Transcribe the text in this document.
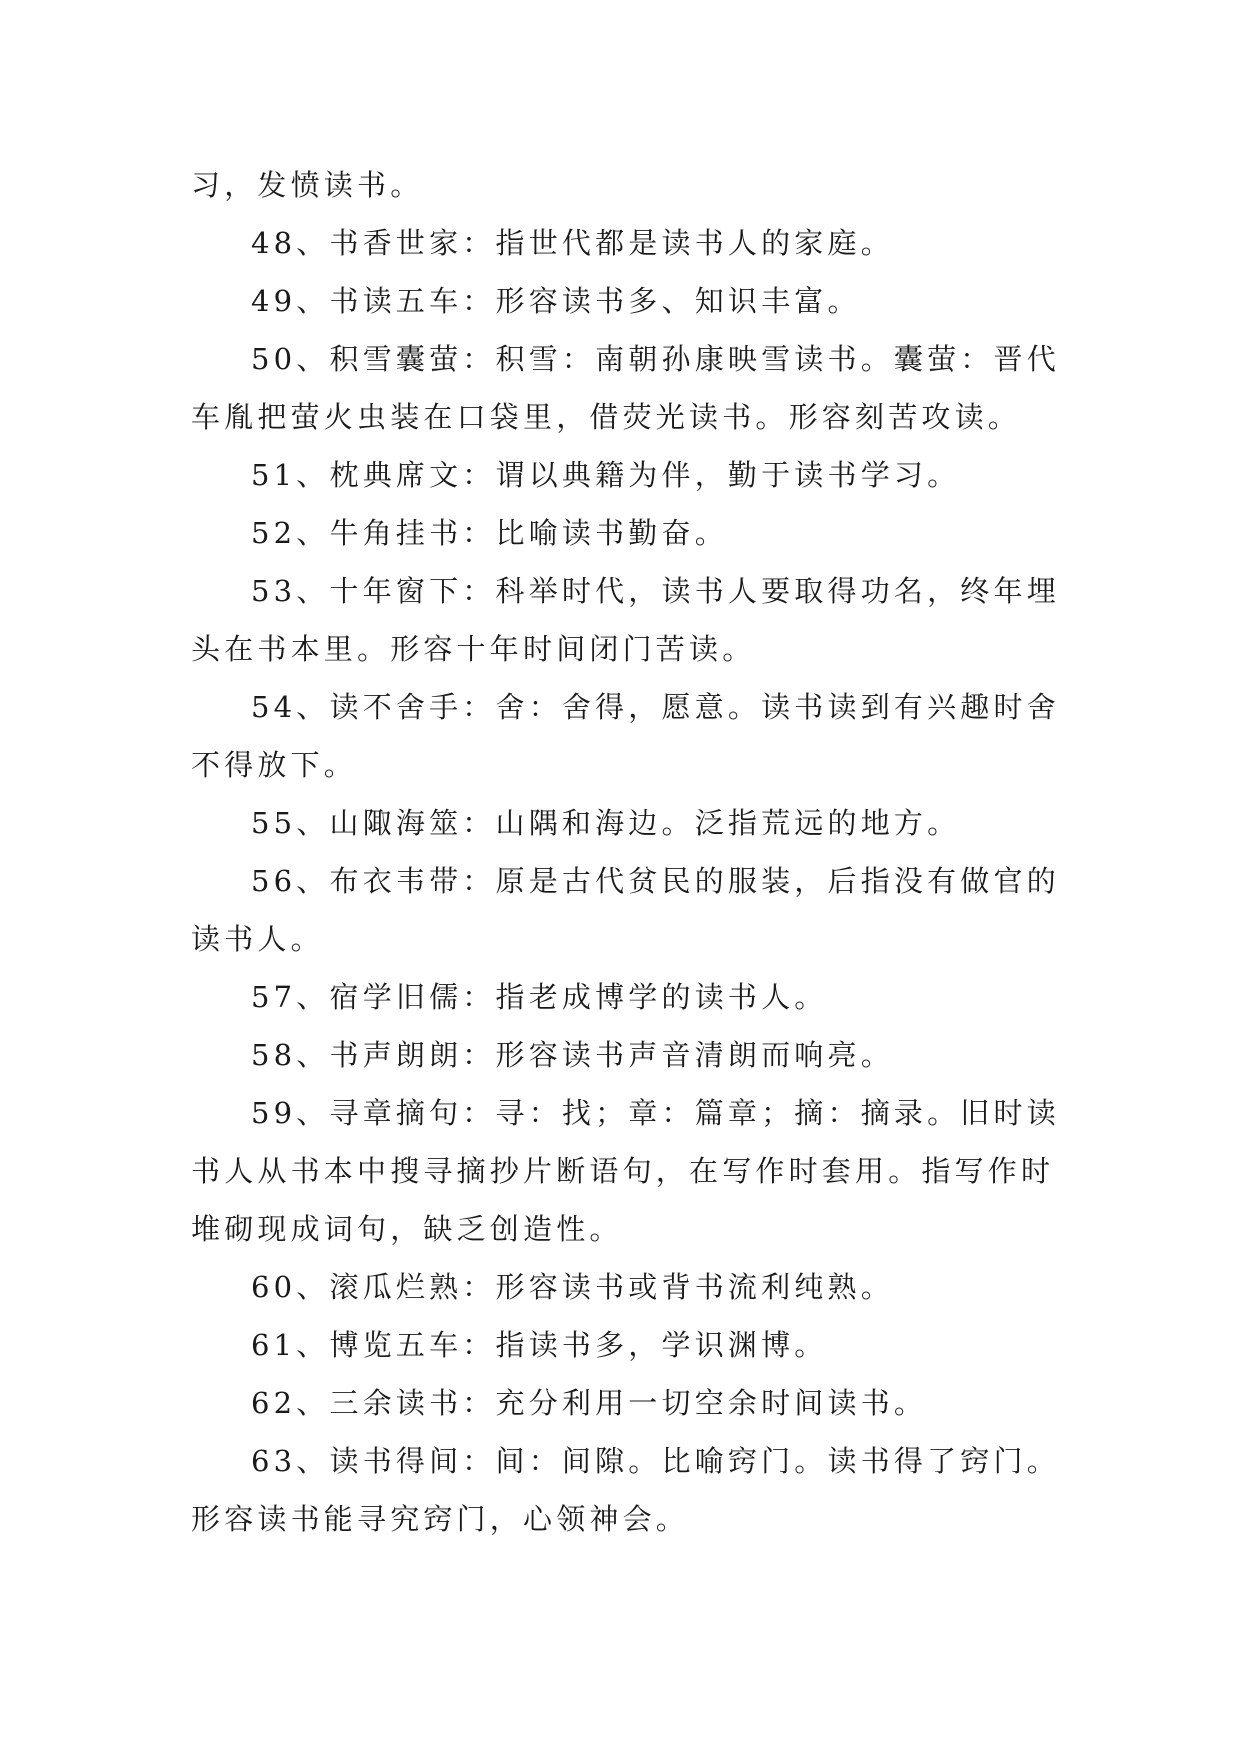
习，发愤读书。
48、书香世家：指世代都是读书人的家庭。
49、书读五车：形容读书多、知识丰富。
50、积雪囊萤：积雪：南朝孙康映雪读书。囊萤：晋代
车胤把萤火虫装在口袋里，借荧光读书。形容刻苦攻读。
51、枕典席文：谓以典籍为伴，勤于读书学习。
52、牛角挂书：比喻读书勤奋。
53、十年窗下：科举时代，读书人要取得功名，终年埋
头在书本里。形容十年时间闭门苦读。
54、读不舍手：舍：舍得，愿意。读书读到有兴趣时舍
不得放下。
55、山陬海筮：山隅和海边。泛指荒远的地方。
56、布衣韦带：原是古代贫民的服装，后指没有做官的
读书人。
57、宿学旧儒：指老成博学的读书人。
58、书声朗朗：形容读书声音清朗而响亮。
59、寻章摘句：寻：找；章：篇章；摘：摘录。旧时读
书人从书本中搜寻摘抄片断语句，在写作时套用。指写作时
堆砌现成词句，缺乏创造性。
60、滚瓜烂熟：形容读书或背书流利纯熟。
61、博览五车：指读书多，学识渊博。
62、三余读书：充分利用一切空余时间读书。
63、读书得间：间：间隙。比喻窍门。读书得了窍门。
形容读书能寻究窍门，心领神会。
